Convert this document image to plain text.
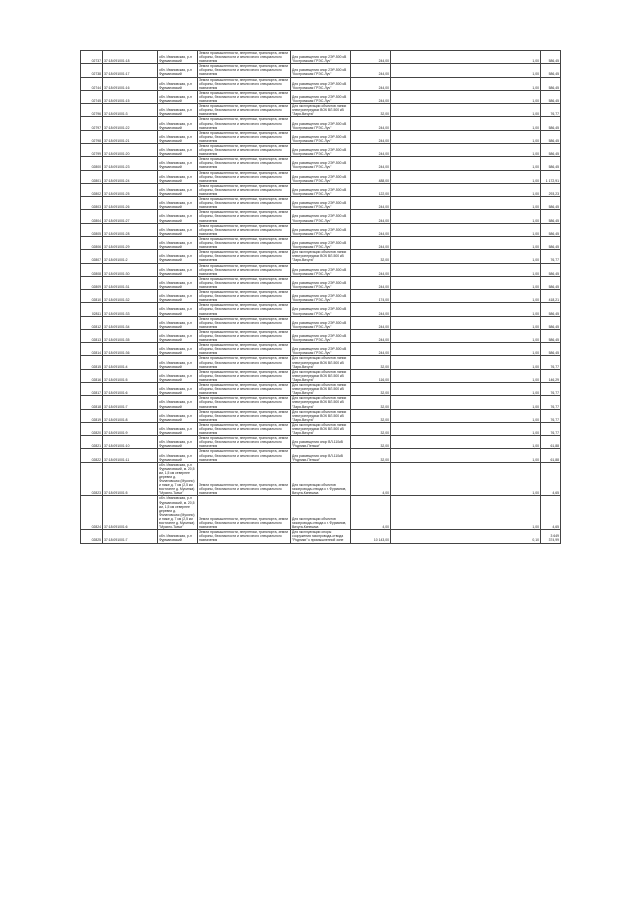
02737	37:18:091001:18	обл. Ивановская, р-н Фурмановский	Земли промышленности, энергетики, транспорта, земли обороны, безопасности и земли иного специального назначения	Для размещения опор 2ЭР-500 кВ "Костромская ГРЭС-Луч"	244,00	1,00	586,45
02738	37:18:091001:17	обл. Ивановская, р-н Фурмановский	Земли промышленности, энергетики, транспорта, земли обороны, безопасности и земли иного специального назначения	Для размещения опор 2ЭР-500 кВ "Костромская ГРЭС-Луч"	244,00	1,00	586,45
02744	37:18:091001:16	обл. Ивановская, р-н Фурмановский	Земли промышленности, энергетики, транспорта, земли обороны, безопасности и земли иного специального назначения	Для размещения опор 2ЭР-500 кВ "Костромская ГРЭС-Луч"	244,00	1,00	586,45
02745	37:18:091001:15	обл. Ивановская, р-н Фурмановский	Земли промышленности, энергетики, транспорта, земли обороны, безопасности и земли иного специального назначения	Для размещения опор 2ЭР-500 кВ "Костромская ГРЭС-Луч"	244,00	1,00	586,45
02796	37:18:091001:3	обл. Ивановская, р-н Фурмановский	Земли промышленности, энергетики, транспорта, земли обороны, безопасности и земли иного специального назначения	Для эксплуатации объектов линии электропередачи ВОК ВЛ-500 кВ "Заря-Вичуга"	32,00	1,00	76,77
02797	37:18:091001:22	обл. Ивановская, р-н Фурмановский	Земли промышленности, энергетики, транспорта, земли обороны, безопасности и земли иного специального назначения	Для размещения опор 2ЭР-500 кВ "Костромская ГРЭС-Луч"	244,00	1,00	586,45
02798	37:18:091001:21	обл. Ивановская, р-н Фурмановский	Земли промышленности, энергетики, транспорта, земли обороны, безопасности и земли иного специального назначения	Для размещения опор 2ЭР-500 кВ "Костромская ГРЭС-Луч"	244,00	1,00	586,45
02799	37:18:091001:20	обл. Ивановская, р-н Фурмановский	Земли промышленности, энергетики, транспорта, земли обороны, безопасности и земли иного специального назначения	Для размещения опор 2ЭР-500 кВ "Костромская ГРЭС-Луч"	244,00	1,00	586,45
02800	37:18:091001:23	обл. Ивановская, р-н Фурмановский	Земли промышленности, энергетики, транспорта, земли обороны, безопасности и земли иного специального назначения	Для размещения опор 2ЭР-500 кВ "Костромская ГРЭС-Луч"	244,00	1,00	586,45
02801	37:18:091001:24	обл. Ивановская, р-н Фурмановский	Земли промышленности, энергетики, транспорта, земли обороны, безопasности и земли иного специального назначения	Для размещения опор 2ЭР-500 кВ "Костромская ГРЭС-Луч"	488,00	1,00	1 172,91
02802	37:18:091001:25	обл. Ивановская, р-н Фурмановский	Земли промышленности, энергетики, транспорта, земли обороны, безопасности и земли иного специального назначения	Для размещения опор 2ЭР-500 кВ "Костромская ГРЭС-Луч"	122,00	1,00	293,23
02803	37:18:091001:26	обл. Ивановская, р-н Фурмановский	Земли промышленности, энергетики, транспорта, земли обороны, безопасности и земли иного специального назначения	Для размещения опор 2ЭР-500 кВ "Костромская ГРЭС-Луч"	244,00	1,00	586,45
02804	37:18:091001:27	обл. Ивановская, р-н Фурмановский	Земли промышленности, энергетики, транспорта, земли обороны, безопасности и земли иного специального назначения	Для размещения опор 2ЭР-500 кВ "Костромская ГРЭС-Луч"	244,00	1,00	586,45
02805	37:18:091001:28	обл. Ивановская, р-н Фурмановский	Земли промышленности, энергетики, транспорта, земли обороны, безопасности и земли иного специального назначения	Для размещения опор 2ЭР-500 кВ "Костромская ГРЭС-Луч"	244,00	1,00	586,45
02806	37:18:091001:29	обл. Ивановская, р-н Фурмановский	Земли промышленности, энергетики, транспорта, земли обороны, безопасности и земли иного специального назначения	Для размещения опор 2ЭР-500 кВ "Костромская ГРЭС-Луч"	244,00	1,00	586,45
02807	37:18:091001:2	обл. Ивановская, р-н Фурмановский	Земли промышленности, энергетики, транспорта, земли обороны, безопасности и земли иного специального назначения	Для эксплуатации объектов линии электропередачи ВОК ВЛ-500 кВ "Заря-Вичуга"	32,00	1,00	76,77
02808	37:18:091001:30	обл. Ивановская, р-н Фурмановский	Земли промышленности, энергетики, транспорта, земли обороны, безопасности и земли иного специального назначения	Для размещения опор 2ЭР-500 кВ "Костромская ГРЭС-Луч"	244,00	1,00	586,45
02809	37:18:091001:31	обл. Ивановская, р-н Фурмановский	Земли промышленности, энергетики, транспорта, земли обороны, безопасности и земли иного специального назначения	Для размещения опор 2ЭР-500 кВ "Костромская ГРЭС-Луч"	244,00	1,00	586,45
02810	37:18:091001:32	обл. Ивановская, р-н Фурмановский	Земли промышленности, энергетики, транспорта, земли обороны, безопасности и земли иного специального назначения	Для размещения опор 2ЭР-500 кВ "Костромская ГРЭС-Луч"	174,00	1,00	418,21
02811	37:18:091001:33	обл. Ивановская, р-н Фурмановский	Земли промышленности, энергетики, транспорта, земли обороны, безопасности и земли иного специального назначения	Для размещения опор 2ЭР-500 кВ "Костромская ГРЭС-Луч"	244,00	1,00	586,45
02812	37:18:091001:34	обл. Ивановская, р-н Фурмановский	Земли промышленности, энергетики, транспорта, земли обороны, безопасности и земли иного специального назначения	Для размещения опор 2ЭР-500 кВ "Костромская ГРЭС-Луч"	244,00	1,00	586,45
02813	37:18:091001:35	обл. Ивановская, р-н Фурмановский	Земли промышленности, энергетики, транспорта, земли обороны, безопасности и земли иного специального назначения	Для размещения опор 2ЭР-500 кВ "Костромская ГРЭС-Луч"	244,00	1,00	586,45
02814	37:18:091001:36	обл. Ивановская, р-н Фурмановский	Земли промышленности, энергетики, транспорта, земли обороны, безопасности и земли иного специального назначения	Для размещения опор 2ЭР-500 кВ "Костромская ГРЭС-Луч"	244,00	1,00	586,45
02815	37:18:091001:4	обл. Ивановская, р-н Фурмановский	Земли промышленности, энергетики, транспорта, земли обороны, безопасности и земли иного специального назначения	Для эксплуатации объектов линии электропередачи ВОК ВЛ-500 кВ "Заря-Вичуга"	32,00	1,00	76,77
02816	37:18:091001:5	обл. Ивановская, р-н Фурмановский	Земли промышленности, энергетики, транспорта, земли обороны, безопасности и земли иного специального назначения	Для эксплуатации объектов линии электропередачи ВОК ВЛ-500 кВ "Заря-Вичуга"	116,00	1,00	146,29
02817	37:18:091001:6	обл. Ивановская, р-н Фурмановский	Земли промышленности, энергетики, транспорта, земли обороны, безопасности и земли иного специального назначения	Для эксплуатации объектов линии электропередачи ВОК ВЛ-500 кВ "Заря-Вичуга"	32,00	1,00	76,77
02818	37:18:091001:7	обл. Ивановская, р-н Фурмановский	Земли промышленности, энергетики, транспорта, земли обороны, безопасности и земли иного специального назначения	Для эксплуатации объектов линии электропередачи ВОК ВЛ-500 кВ "Заря-Вичуга"	32,00	1,00	76,77
02819	37:18:091001:8	обл. Ивановская, р-н Фурмановский	Земли промышленности, энергетики, транспорта, земли обороны, безопасности и земли иного специального назначения	Для эксплуатации объектов линии электропередачи ВОК ВЛ-500 кВ "Заря-Вичуга"	32,00	1,00	76,77
02820	37:18:091001:9	обл. Ивановская, р-н Фурмановский	Земли промышленности, энергетики, транспорта, земли обороны, безопасности и земли иного специального назначения	Для эксплуатации объектов линии электропередачи ВОК ВЛ-500 кВ "Заря-Вичуга"	32,00	1,00	76,77
02821	37:18:091001:10	обл. Ивановская, р-н Фурмановский	Земли промышленности, энергетики, транспорта, земли обороны, безопасности и земли иного специального назначения	Для размещения опор ВЛ-110кВ "Родники-Пеньки"	32,00	1,00	61,88
02822	37:18:091001:11	обл. Ивановская, р-н Фурмановский	Земли промышленности, энергетики, транспорта, земли обороны, безопасности и земли иного специального назначения	Для размещения опор ВЛ-110кВ "Родники-Пеньки"	32,00	1,00	61,88
02823	37:18:091001:5	обл. Ивановская, р-н Фурмановский, м. 20,5 км, 1,5 км севернее деревни д. Филатовская (Мусино) и ниже д. 7 км (2,5 км восточнее д. Мусинка) "Мусино-Ткачи"	Земли промышленности, энергетики, транспорта, земли обороны, безопасности и земли иного специального назначения	Для эксплуатации объектов газопровода-отвода к г. Фурманов, Вичуга-Кинешма	4,00	1,00	4,65
02824	37:18:091001:6	обл. Ивановская, р-н Фурмановский, м. 20,5 км, 1,5 км севернее деревни д. Филатовская (Мусино) и ниже д. 7 км (2,5 км восточнее д. Мусинка) "Мусино-Ткачи"	Земли промышленности, энергетики, транспорта, земли обороны, безопасности и земли иного специального назначения	Для эксплуатации объектов газопровода-отвода к г. Фурманов, Вичуга-Кинешма	4,00	1,00	4,65
02825	37:18:091001:7	обл. Ивановская, р-н Фурмановский	Земли промышленности, энергетики, транспорта, земли обороны, безопасности и земли иного специального назначения	Для эксплуатации опоры сооружения газопровода-отвода "Родники" к промышленной зоне	10 143,00	0,10	3 649 374,99
